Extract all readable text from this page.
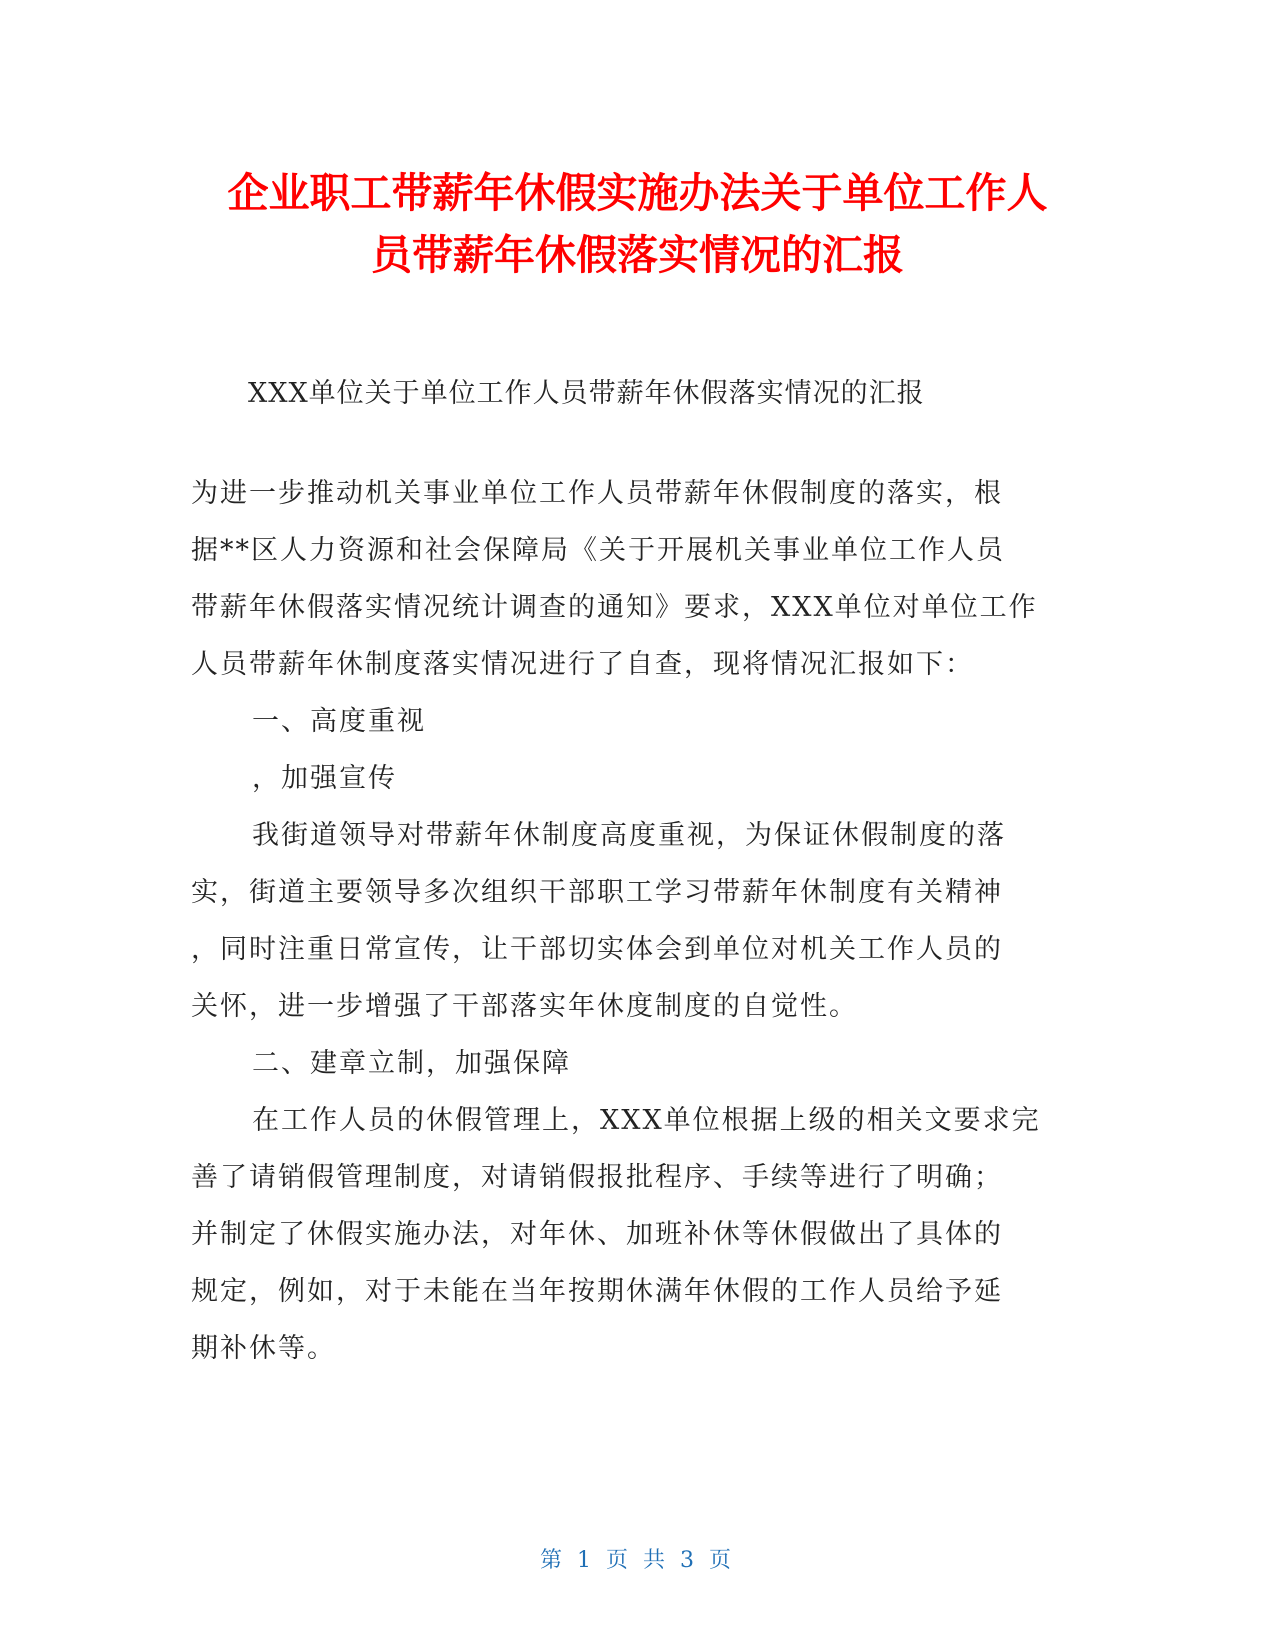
企业职工带薪年休假实施办法关于单位工作人
员带薪年休假落实情况的汇报
XXX单位关于单位工作人员带薪年休假落实情况的汇报
为进一步推动机关事业单位工作人员带薪年休假制度的落实，根
据**区人力资源和社会保障局《关于开展机关事业单位工作人员
带薪年休假落实情况统计调查的通知》要求，XXX单位对单位工作
人员带薪年休制度落实情况进行了自查，现将情况汇报如下：
一、高度重视
，加强宣传
我街道领导对带薪年休制度高度重视，为保证休假制度的落
实，街道主要领导多次组织干部职工学习带薪年休制度有关精神
，同时注重日常宣传，让干部切实体会到单位对机关工作人员的
关怀，进一步增强了干部落实年休度制度的自觉性。
二、建章立制，加强保障
在工作人员的休假管理上，XXX单位根据上级的相关文要求完
善了请销假管理制度，对请销假报批程序、手续等进行了明确；
并制定了休假实施办法，对年休、加班补休等休假做出了具体的
规定，例如，对于未能在当年按期休满年休假的工作人员给予延
期补休等。
第 1 页 共 3 页
